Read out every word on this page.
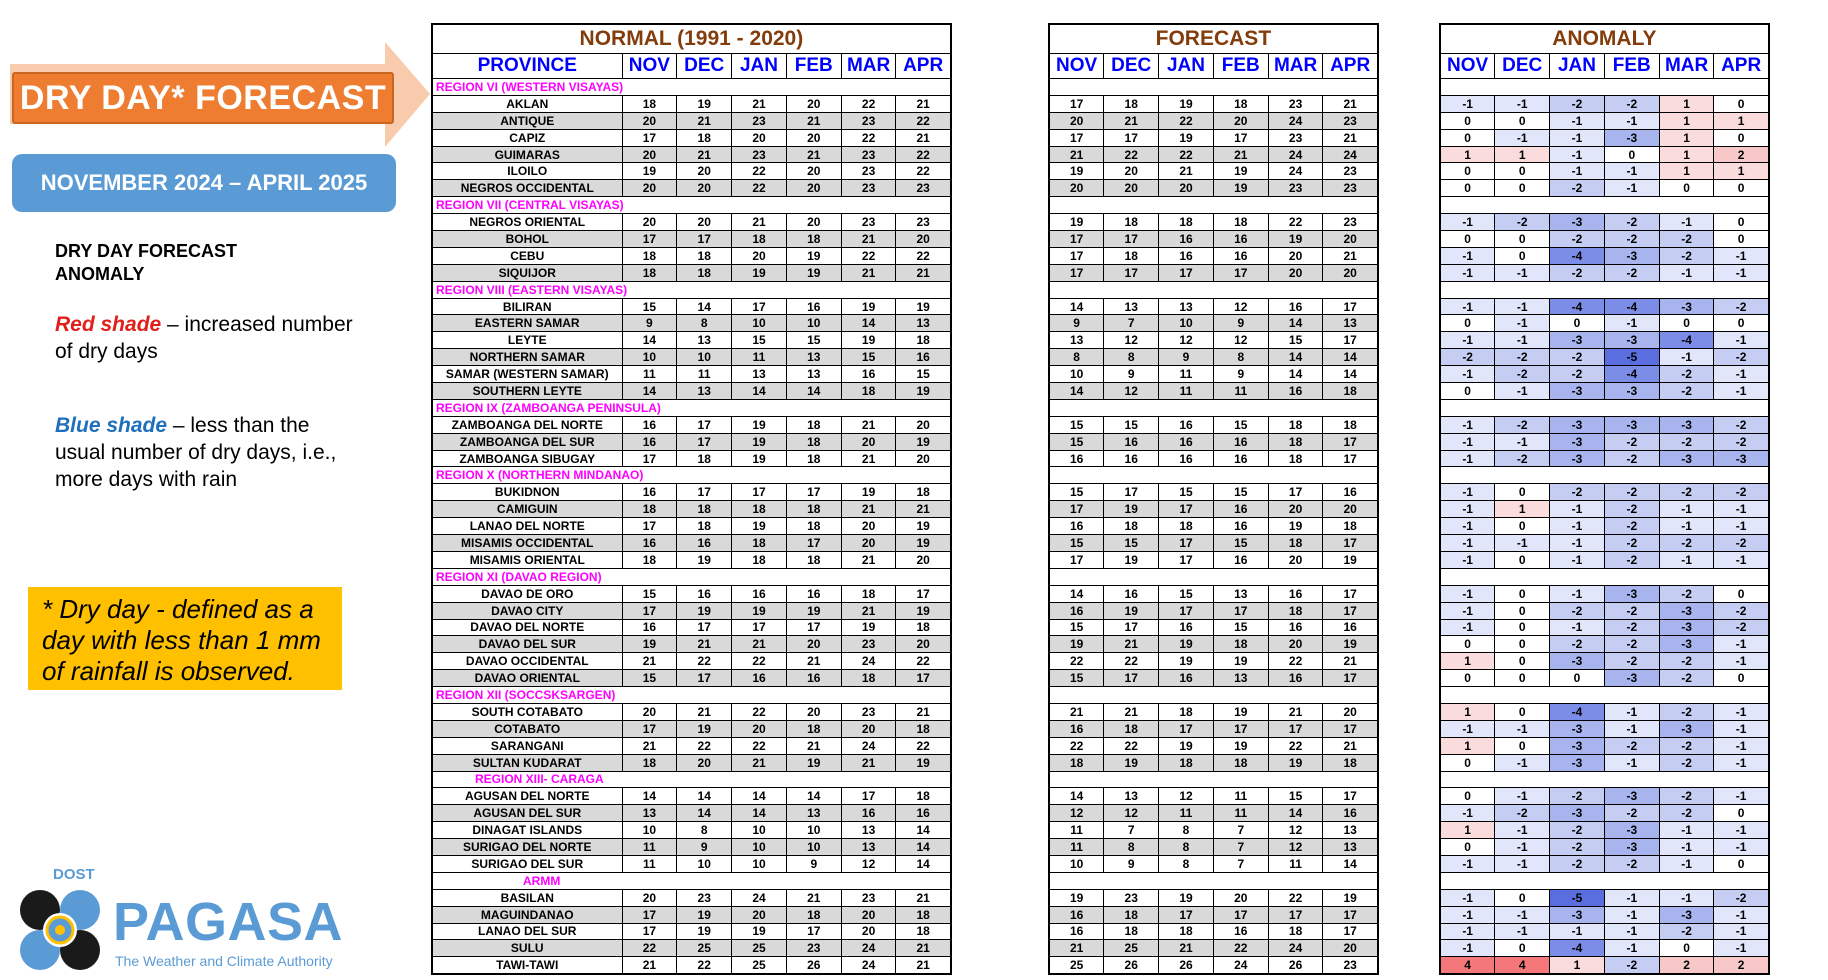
DRY DAY* FORECAST
NOVEMBER 2024 – APRIL 2025
DRY DAY FORECAST ANOMALY
Red shade – increased number of dry days
Blue shade – less than the usual number of dry days, i.e., more days with rain
* Dry day - defined as a day with less than 1 mm of rainfall is observed.
DOST
PAGASA
The Weather and Climate Authority
NORMAL (1991 - 2020)						
PROVINCE	NOV	DEC	JAN	FEB	MAR	APR
REGION VI (WESTERN VISAYAS)						
AKLAN	18	19	21	20	22	21
ANTIQUE	20	21	23	21	23	22
CAPIZ	17	18	20	20	22	21
GUIMARAS	20	21	23	21	23	22
ILOILO	19	20	22	20	23	22
NEGROS OCCIDENTAL	20	20	22	20	23	23
REGION VII (CENTRAL VISAYAS)						
NEGROS ORIENTAL	20	20	21	20	23	23
BOHOL	17	17	18	18	21	20
CEBU	18	18	20	19	22	22
SIQUIJOR	18	18	19	19	21	21
REGION VIII (EASTERN VISAYAS)						
BILIRAN	15	14	17	16	19	19
EASTERN SAMAR	9	8	10	10	14	13
LEYTE	14	13	15	15	19	18
NORTHERN SAMAR	10	10	11	13	15	16
SAMAR (WESTERN SAMAR)	11	11	13	13	16	15
SOUTHERN LEYTE	14	13	14	14	18	19
REGION IX (ZAMBOANGA PENINSULA)						
ZAMBOANGA DEL NORTE	16	17	19	18	21	20
ZAMBOANGA DEL SUR	16	17	19	18	20	19
ZAMBOANGA SIBUGAY	17	18	19	18	21	20
REGION X (NORTHERN MINDANAO)						
BUKIDNON	16	17	17	17	19	18
CAMIGUIN	18	18	18	18	21	21
LANAO DEL NORTE	17	18	19	18	20	19
MISAMIS OCCIDENTAL	16	16	18	17	20	19
MISAMIS ORIENTAL	18	19	18	18	21	20
REGION XI (DAVAO REGION)						
DAVAO DE ORO	15	16	16	16	18	17
DAVAO CITY	17	19	19	19	21	19
DAVAO DEL NORTE	16	17	17	17	19	18
DAVAO DEL SUR	19	21	21	20	23	20
DAVAO OCCIDENTAL	21	22	22	21	24	22
DAVAO ORIENTAL	15	17	16	16	18	17
REGION XII (SOCCSKSARGEN)						
SOUTH COTABATO	20	21	22	20	23	21
COTABATO	17	19	20	18	20	18
SARANGANI	21	22	22	21	24	22
SULTAN KUDARAT	18	20	21	19	21	19
REGION XIII- CARAGA						
AGUSAN DEL NORTE	14	14	14	14	17	18
AGUSAN DEL SUR	13	14	14	13	16	16
DINAGAT ISLANDS	10	8	10	10	13	14
SURIGAO DEL NORTE	11	9	10	10	13	14
SURIGAO DEL SUR	11	10	10	9	12	14
ARMM						
BASILAN	20	23	24	21	23	21
MAGUINDANAO	17	19	20	18	20	18
LANAO DEL SUR	17	19	19	17	20	18
SULU	22	25	25	23	24	21
TAWI-TAWI	21	22	25	26	24	21
FORECAST					
NOV	DEC	JAN	FEB	MAR	APR

17	18	19	18	23	21
20	21	22	20	24	23
17	17	19	17	23	21
21	22	22	21	24	24
19	20	21	19	24	23
20	20	20	19	23	23

19	18	18	18	22	23
17	17	16	16	19	20
17	18	16	16	20	21
17	17	17	17	20	20

14	13	13	12	16	17
9	7	10	9	14	13
13	12	12	12	15	17
8	8	9	8	14	14
10	9	11	9	14	14
14	12	11	11	16	18

15	15	16	15	18	18
15	16	16	16	18	17
16	16	16	16	18	17

15	17	15	15	17	16
17	19	17	16	20	20
16	18	18	16	19	18
15	15	17	15	18	17
17	19	17	16	20	19

14	16	15	13	16	17
16	19	17	17	18	17
15	17	16	15	16	16
19	21	19	18	20	19
22	22	19	19	22	21
15	17	16	13	16	17

21	21	18	19	21	20
16	18	17	17	17	17
22	22	19	19	22	21
18	19	18	18	19	18

14	13	12	11	15	17
12	12	11	11	14	16
11	7	8	7	12	13
11	8	8	7	12	13
10	9	8	7	11	14

19	23	19	20	22	19
16	18	17	17	17	17
16	18	18	16	18	17
21	25	21	22	24	20
25	26	26	24	26	23
ANOMALY					
NOV	DEC	JAN	FEB	MAR	APR

-1	-1	-2	-2	1	0
0	0	-1	-1	1	1
0	-1	-1	-3	1	0
1	1	-1	0	1	2
0	0	-1	-1	1	1
0	0	-2	-1	0	0

-1	-2	-3	-2	-1	0
0	0	-2	-2	-2	0
-1	0	-4	-3	-2	-1
-1	-1	-2	-2	-1	-1

-1	-1	-4	-4	-3	-2
0	-1	0	-1	0	0
-1	-1	-3	-3	-4	-1
-2	-2	-2	-5	-1	-2
-1	-2	-2	-4	-2	-1
0	-1	-3	-3	-2	-1

-1	-2	-3	-3	-3	-2
-1	-1	-3	-2	-2	-2
-1	-2	-3	-2	-3	-3

-1	0	-2	-2	-2	-2
-1	1	-1	-2	-1	-1
-1	0	-1	-2	-1	-1
-1	-1	-1	-2	-2	-2
-1	0	-1	-2	-1	-1

-1	0	-1	-3	-2	0
-1	0	-2	-2	-3	-2
-1	0	-1	-2	-3	-2
0	0	-2	-2	-3	-1
1	0	-3	-2	-2	-1
0	0	0	-3	-2	0

1	0	-4	-1	-2	-1
-1	-1	-3	-1	-3	-1
1	0	-3	-2	-2	-1
0	-1	-3	-1	-2	-1

0	-1	-2	-3	-2	-1
-1	-2	-3	-2	-2	0
1	-1	-2	-3	-1	-1
0	-1	-2	-3	-1	-1
-1	-1	-2	-2	-1	0

-1	0	-5	-1	-1	-2
-1	-1	-3	-1	-3	-1
-1	-1	-1	-1	-2	-1
-1	0	-4	-1	0	-1
4	4	1	-2	2	2
